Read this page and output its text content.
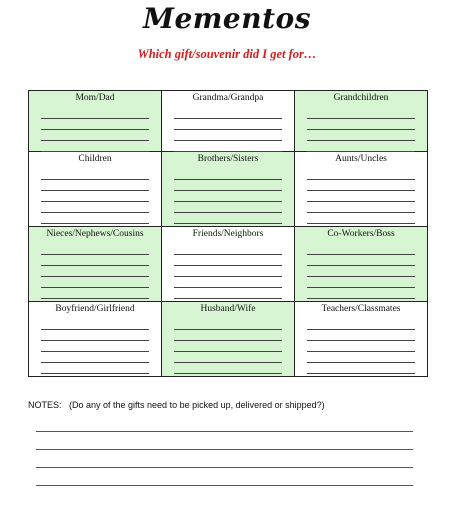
Mementos
Which gift/souvenir did I get for…
Mom/Dad	Grandma/Grandpa	Grandchildren

Children	Brothers/Sisters	Aunts/Uncles

Nieces/Nephews/Cousins	Friends/Neighbors	Co-Workers/Boss

Boyfriend/Girlfriend	Husband/Wife	Teachers/Classmates
NOTES:   (Do any of the gifts need to be picked up, delivered or shipped?)
